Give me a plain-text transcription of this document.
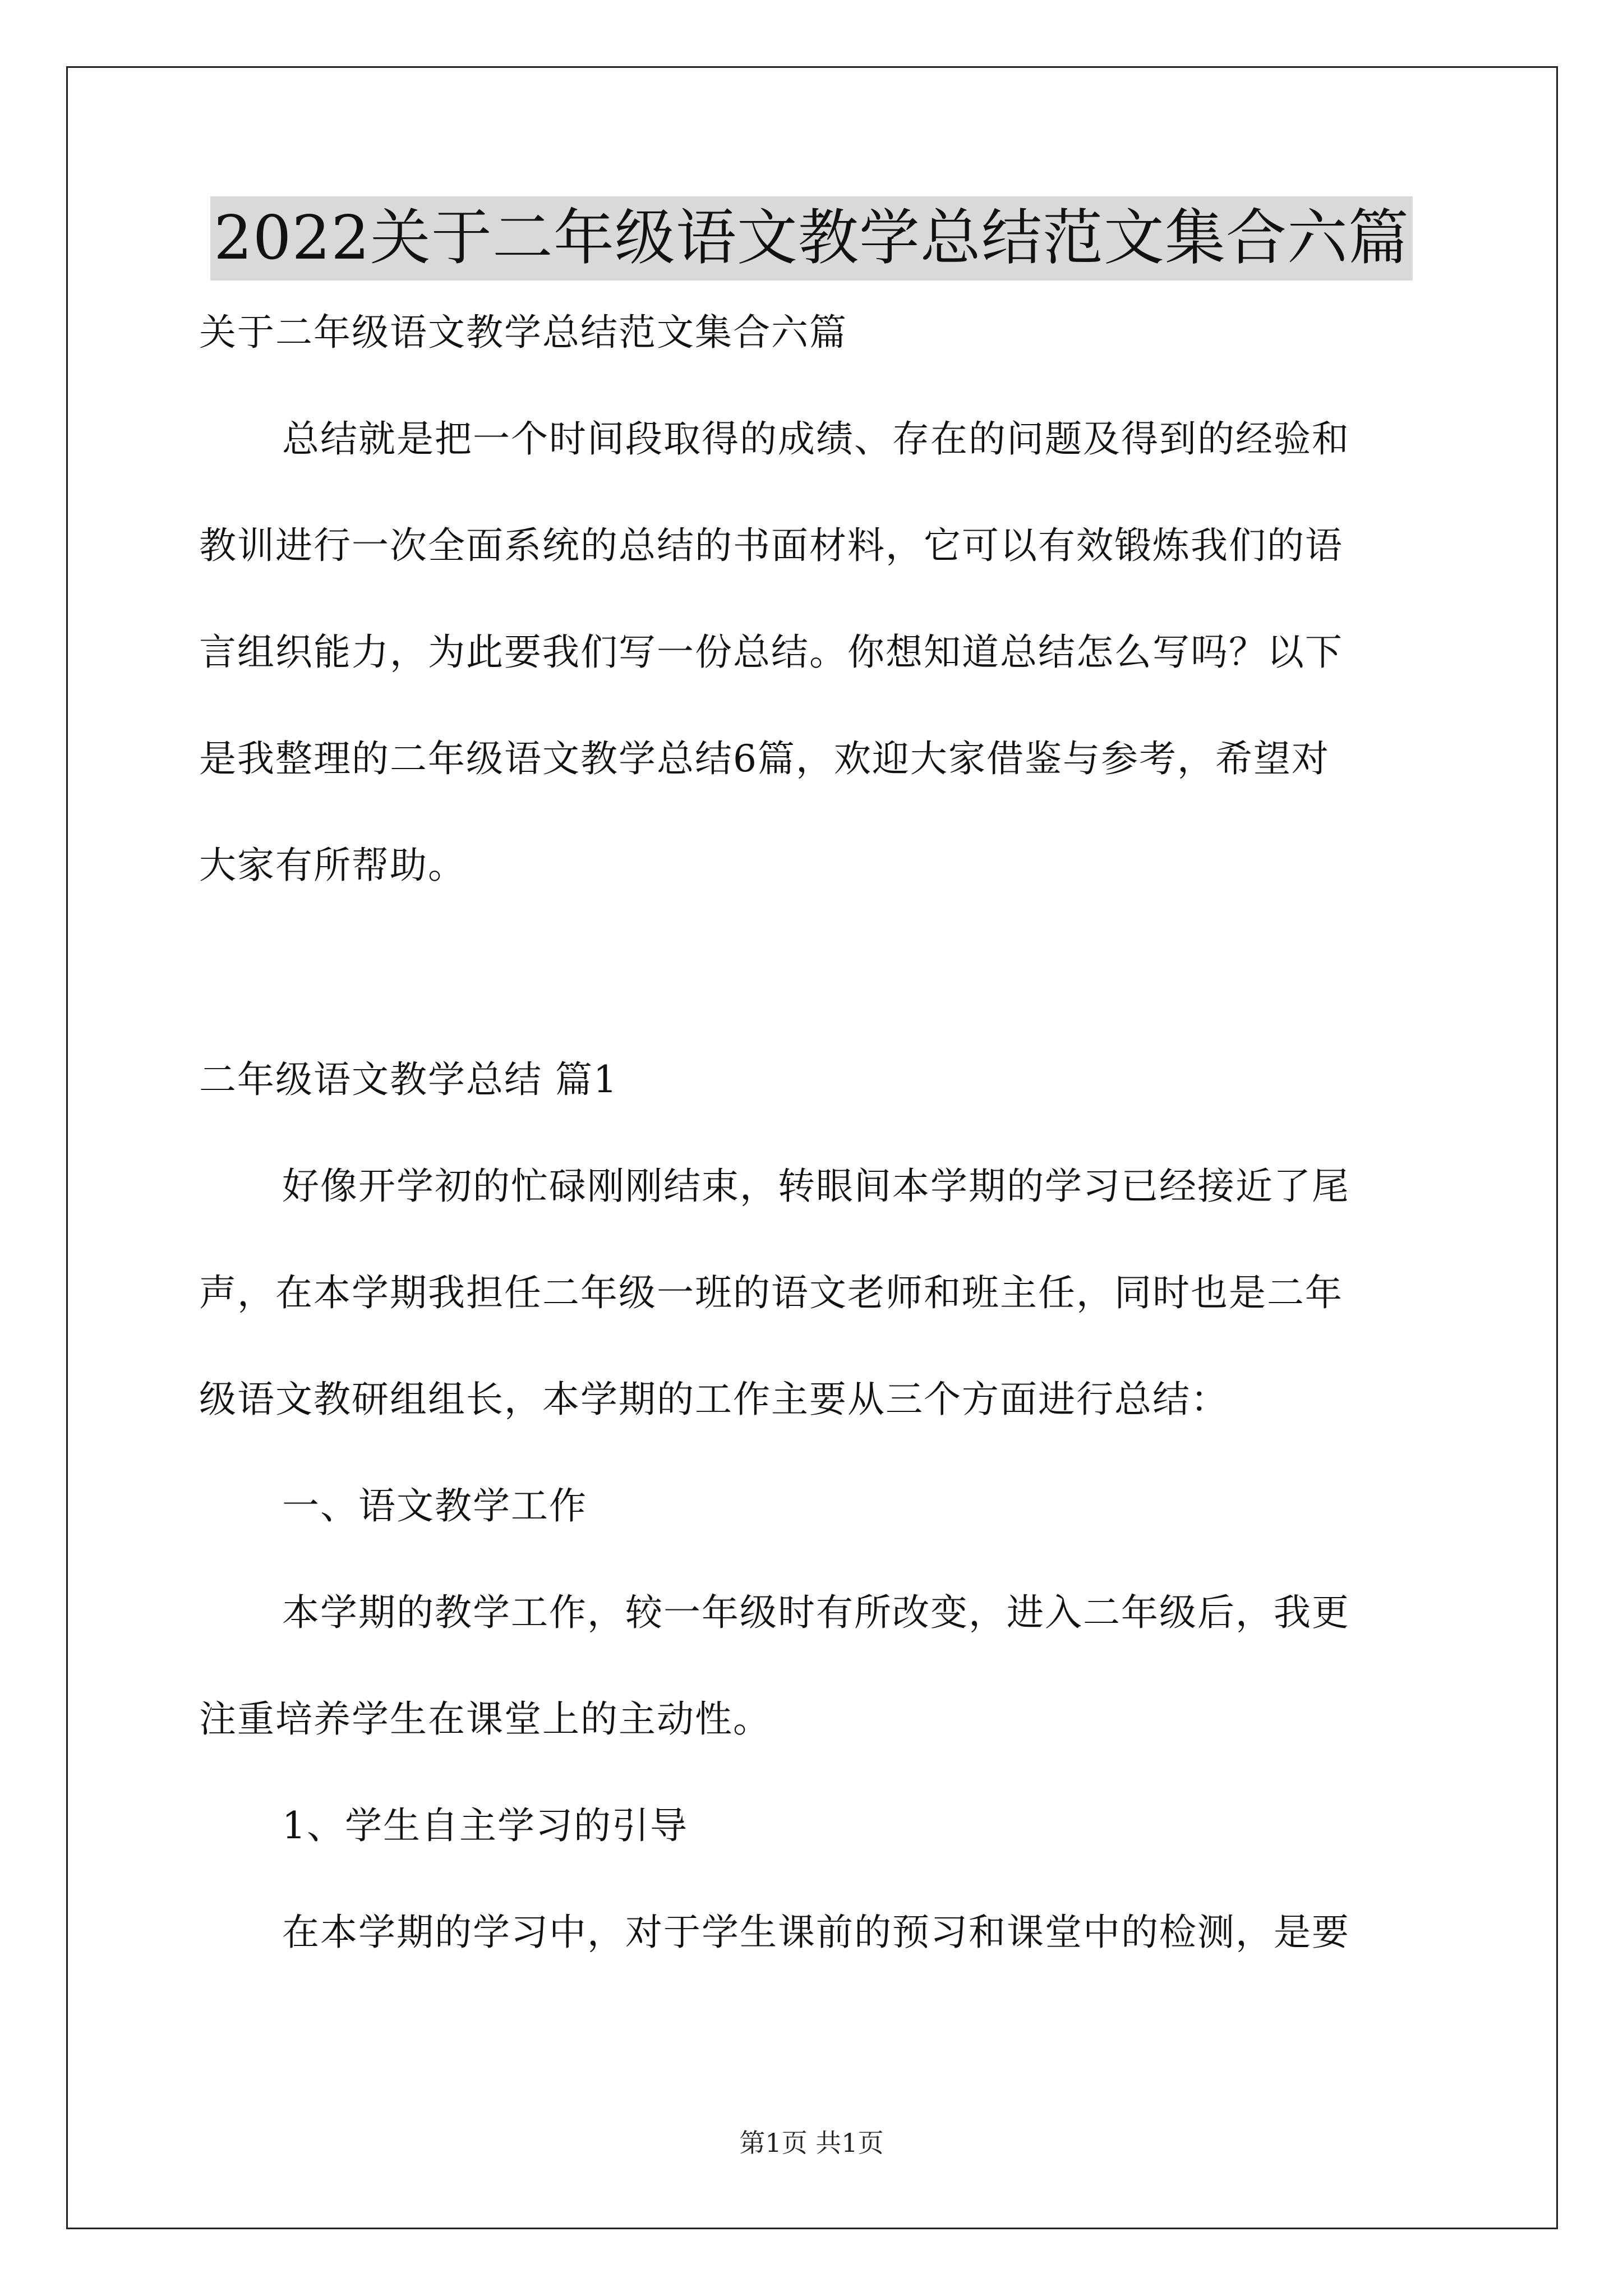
2022关于二年级语文教学总结范文集合六篇
关于二年级语文教学总结范文集合六篇
总结就是把一个时间段取得的成绩、存在的问题及得到的经验和
教训进行一次全面系统的总结的书面材料，它可以有效锻炼我们的语
言组织能力，为此要我们写一份总结。你想知道总结怎么写吗？以下
是我整理的二年级语文教学总结6篇，欢迎大家借鉴与参考，希望对
大家有所帮助。
二年级语文教学总结 篇1
好像开学初的忙碌刚刚结束，转眼间本学期的学习已经接近了尾
声，在本学期我担任二年级一班的语文老师和班主任，同时也是二年
级语文教研组组长，本学期的工作主要从三个方面进行总结：
一、语文教学工作
本学期的教学工作，较一年级时有所改变，进入二年级后，我更
注重培养学生在课堂上的主动性。
1、学生自主学习的引导
在本学期的学习中，对于学生课前的预习和课堂中的检测，是要
第1页 共1页
